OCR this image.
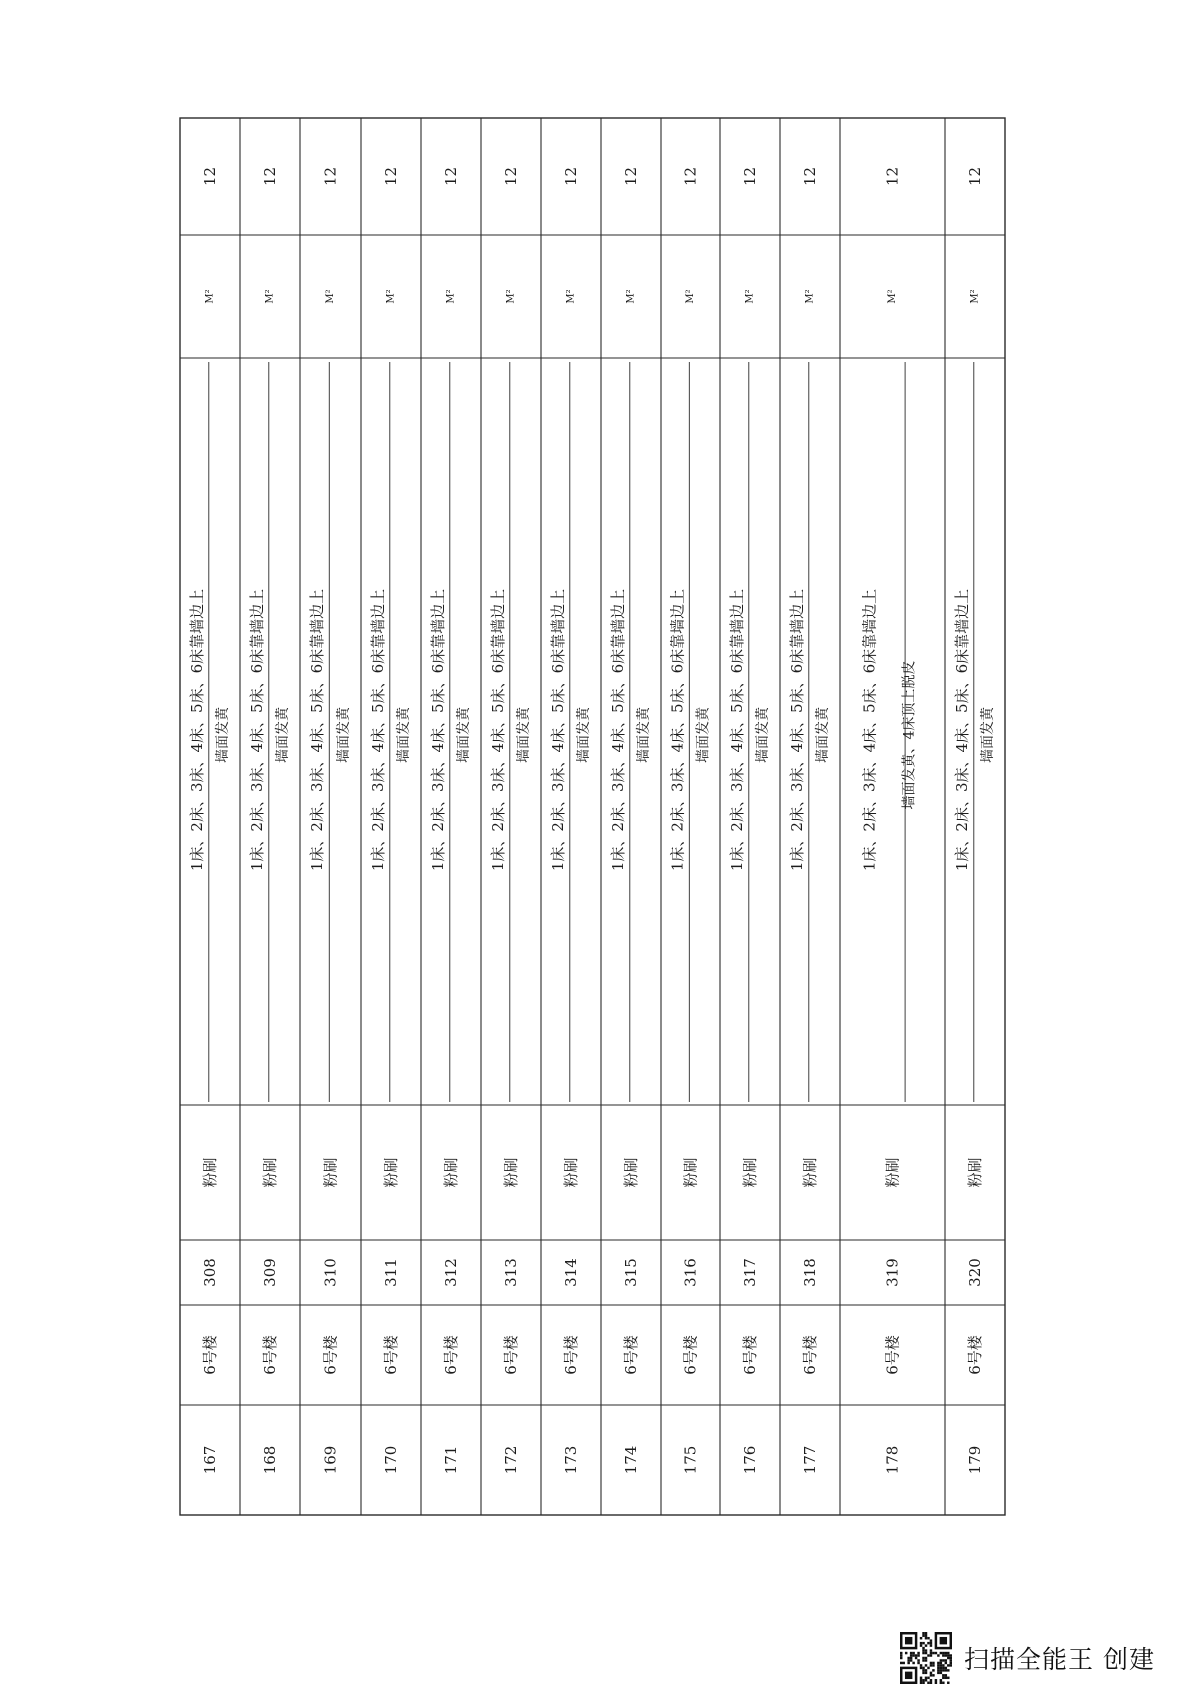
12
M²
粉刷
308
6号楼
167
1床、2床、3床、4床、5床、6床靠墙边上 墙面发黄
12
M²
粉刷
309
6号楼
168
1床、2床、3床、4床、5床、6床靠墙边上 墙面发黄
12
M²
粉刷
310
6号楼
169
1床、2床、3床、4床、5床、6床靠墙边上 墙面发黄
12
M²
粉刷
311
6号楼
170
1床、2床、3床、4床、5床、6床靠墙边上 墙面发黄
12
M²
粉刷
312
6号楼
171
1床、2床、3床、4床、5床、6床靠墙边上 墙面发黄
12
M²
粉刷
313
6号楼
172
1床、2床、3床、4床、5床、6床靠墙边上 墙面发黄
12
M²
粉刷
314
6号楼
173
1床、2床、3床、4床、5床、6床靠墙边上 墙面发黄
12
M²
粉刷
315
6号楼
174
1床、2床、3床、4床、5床、6床靠墙边上 墙面发黄
12
M²
粉刷
316
6号楼
175
1床、2床、3床、4床、5床、6床靠墙边上 墙面发黄
12
M²
粉刷
317
6号楼
176
1床、2床、3床、4床、5床、6床靠墙边上 墙面发黄
12
M²
粉刷
318
6号楼
177
1床、2床、3床、4床、5床、6床靠墙边上 墙面发黄
12
M²
粉刷
319
6号楼
178
1床、2床、3床、4床、5床、6床靠墙边上 墙面发黄、4床顶上脱皮
12
M²
粉刷
320
6号楼
179
1床、2床、3床、4床、5床、6床靠墙边上 墙面发黄
扫描全能王 创建
